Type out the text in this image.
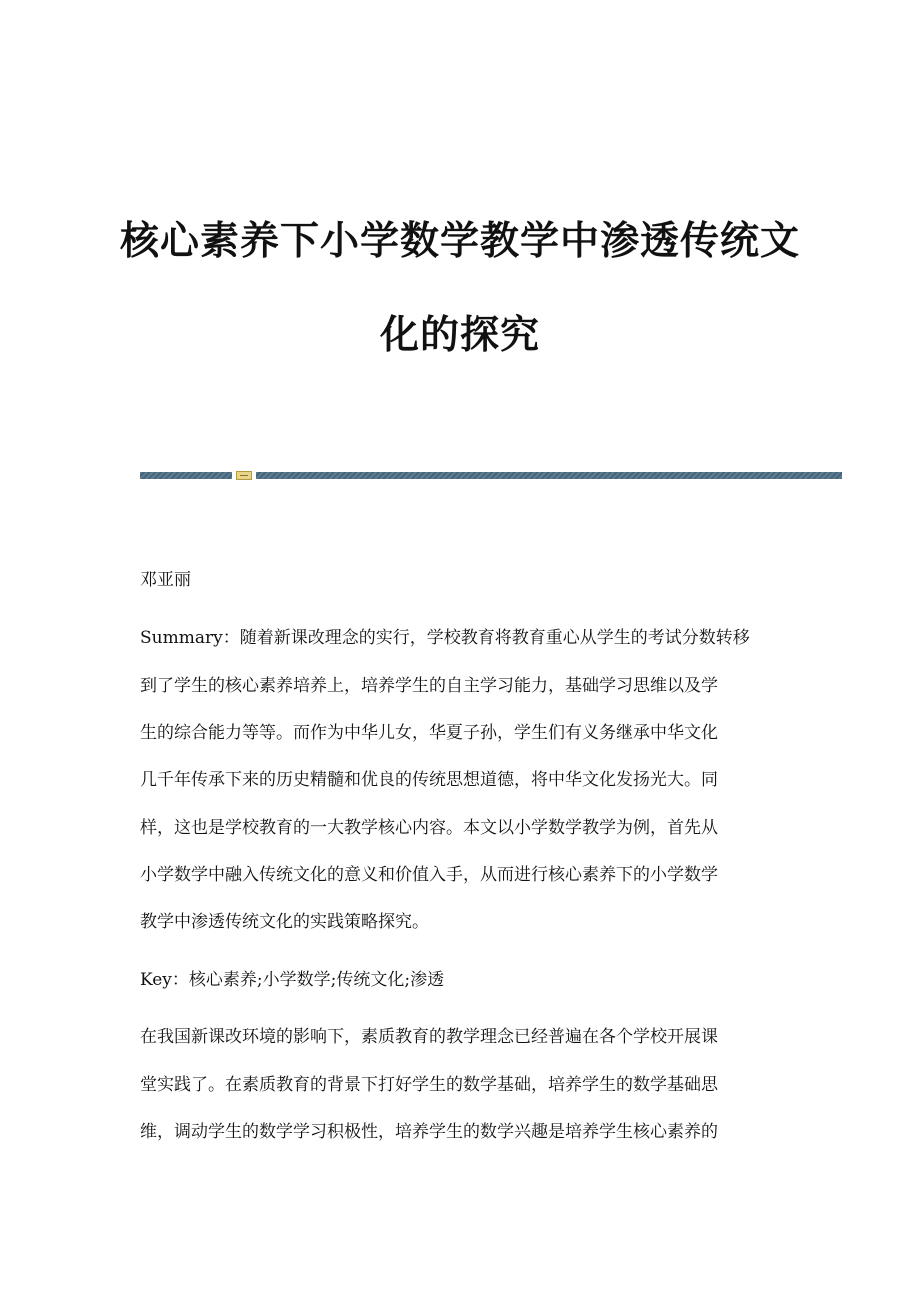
核心素养下小学数学教学中渗透传统文
化的探究
邓亚丽
Summary：随着新课改理念的实行，学校教育将教育重心从学生的考试分数转移
到了学生的核心素养培养上，培养学生的自主学习能力，基础学习思维以及学
生的综合能力等等。而作为中华儿女，华夏子孙，学生们有义务继承中华文化
几千年传承下来的历史精髓和优良的传统思想道德，将中华文化发扬光大。同
样，这也是学校教育的一大教学核心内容。本文以小学数学教学为例，首先从
小学数学中融入传统文化的意义和价值入手，从而进行核心素养下的小学数学
教学中渗透传统文化的实践策略探究。
Key：核心素养;小学数学;传统文化;渗透
在我国新课改环境的影响下，素质教育的教学理念已经普遍在各个学校开展课
堂实践了。在素质教育的背景下打好学生的数学基础，培养学生的数学基础思
维，调动学生的数学学习积极性，培养学生的数学兴趣是培养学生核心素养的
